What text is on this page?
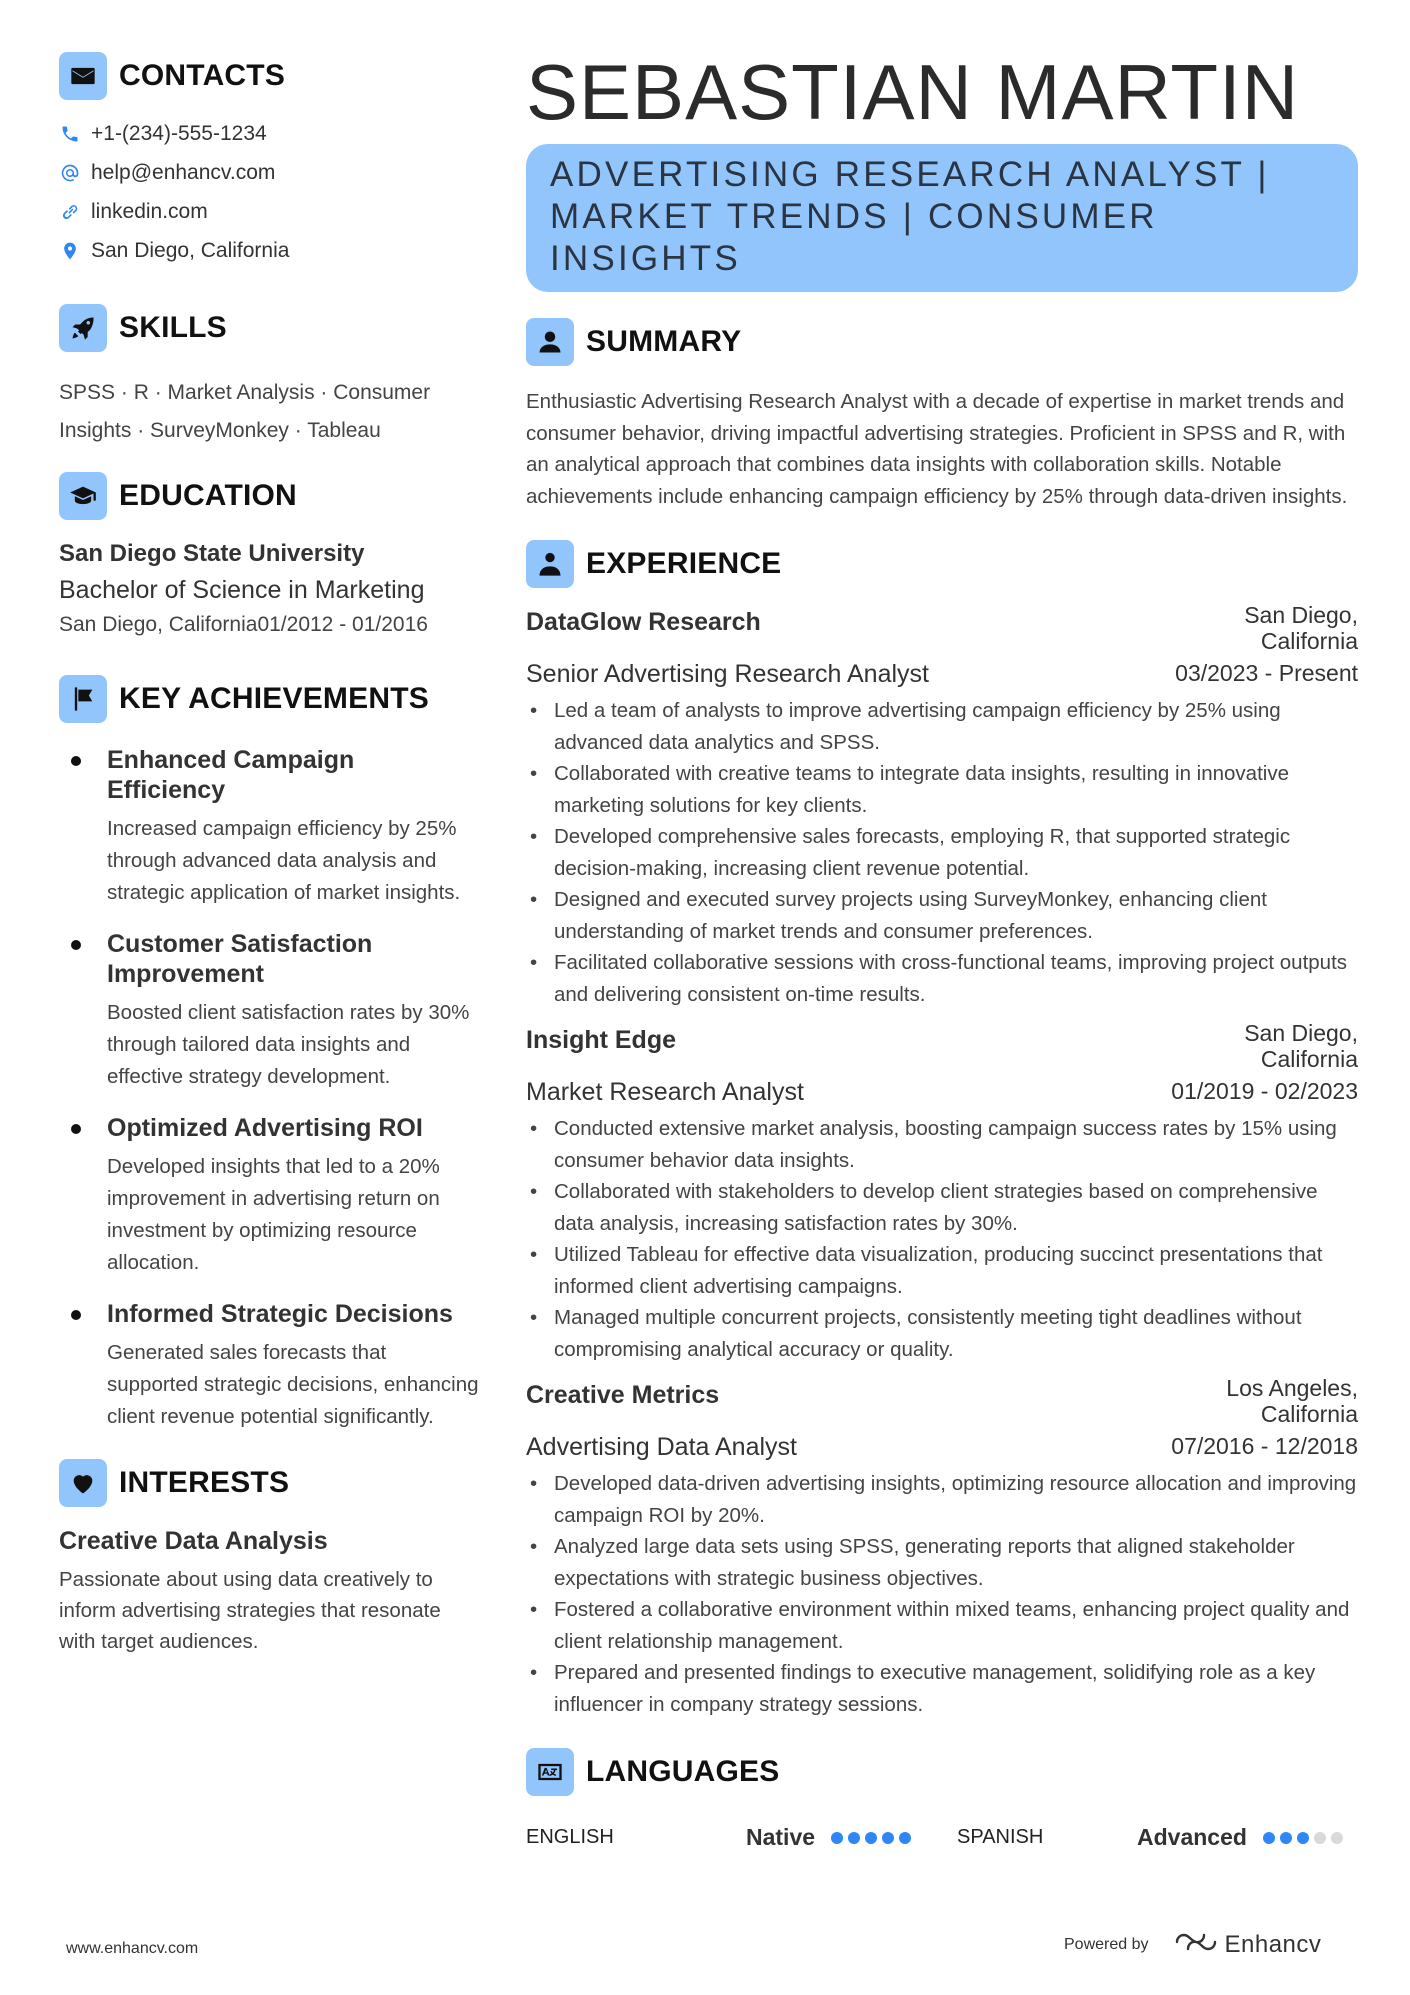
CONTACTS
+1-(234)-555-1234
help@enhancv.com
linkedin.com
San Diego, California
SKILLS
SPSS · R · Market Analysis · Consumer Insights · SurveyMonkey · Tableau
EDUCATION
San Diego State University
Bachelor of Science in Marketing
San Diego, California 01/2012 - 01/2016
KEY ACHIEVEMENTS
Enhanced Campaign Efficiency
Increased campaign efficiency by 25% through advanced data analysis and strategic application of market insights.
Customer Satisfaction Improvement
Boosted client satisfaction rates by 30% through tailored data insights and effective strategy development.
Optimized Advertising ROI
Developed insights that led to a 20% improvement in advertising return on investment by optimizing resource allocation.
Informed Strategic Decisions
Generated sales forecasts that supported strategic decisions, enhancing client revenue potential significantly.
INTERESTS
Creative Data Analysis
Passionate about using data creatively to inform advertising strategies that resonate with target audiences.
SEBASTIAN MARTIN
ADVERTISING RESEARCH ANALYST | MARKET TRENDS | CONSUMER INSIGHTS
SUMMARY
Enthusiastic Advertising Research Analyst with a decade of expertise in market trends and consumer behavior, driving impactful advertising strategies. Proficient in SPSS and R, with an analytical approach that combines data insights with collaboration skills. Notable achievements include enhancing campaign efficiency by 25% through data-driven insights.
EXPERIENCE
DataGlow Research	San Diego, California
Senior Advertising Research Analyst	03/2023 - Present
• Led a team of analysts to improve advertising campaign efficiency by 25% using advanced data analytics and SPSS.
• Collaborated with creative teams to integrate data insights, resulting in innovative marketing solutions for key clients.
• Developed comprehensive sales forecasts, employing R, that supported strategic decision-making, increasing client revenue potential.
• Designed and executed survey projects using SurveyMonkey, enhancing client understanding of market trends and consumer preferences.
• Facilitated collaborative sessions with cross-functional teams, improving project outputs and delivering consistent on-time results.
Insight Edge	San Diego, California
Market Research Analyst	01/2019 - 02/2023
• Conducted extensive market analysis, boosting campaign success rates by 15% using consumer behavior data insights.
• Collaborated with stakeholders to develop client strategies based on comprehensive data analysis, increasing satisfaction rates by 30%.
• Utilized Tableau for effective data visualization, producing succinct presentations that informed client advertising campaigns.
• Managed multiple concurrent projects, consistently meeting tight deadlines without compromising analytical accuracy or quality.
Creative Metrics	Los Angeles, California
Advertising Data Analyst	07/2016 - 12/2018
• Developed data-driven advertising insights, optimizing resource allocation and improving campaign ROI by 20%.
• Analyzed large data sets using SPSS, generating reports that aligned stakeholder expectations with strategic business objectives.
• Fostered a collaborative environment within mixed teams, enhancing project quality and client relationship management.
• Prepared and presented findings to executive management, solidifying role as a key influencer in company strategy sessions.
LANGUAGES
ENGLISH	Native	SPANISH	Advanced
www.enhancv.com	Powered by	Enhancv
